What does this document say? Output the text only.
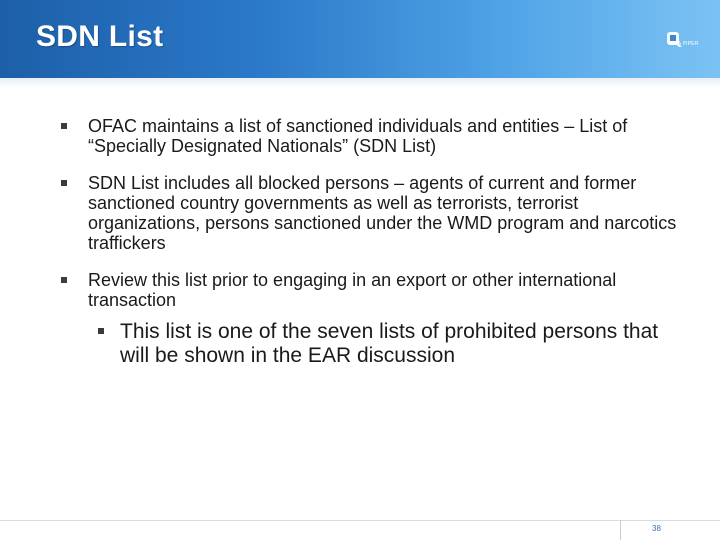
SDN List	DLA PIPER
OFAC maintains a list of sanctioned individuals and entities – List of “Specially Designated Nationals” (SDN List)
SDN List includes all blocked persons – agents of current and former sanctioned country governments as well as terrorists, terrorist organizations, persons sanctioned under the WMD program and narcotics traffickers
Review this list prior to engaging in an export or other international transaction
This list is one of the seven lists of prohibited persons that will be shown in the EAR discussion
38
